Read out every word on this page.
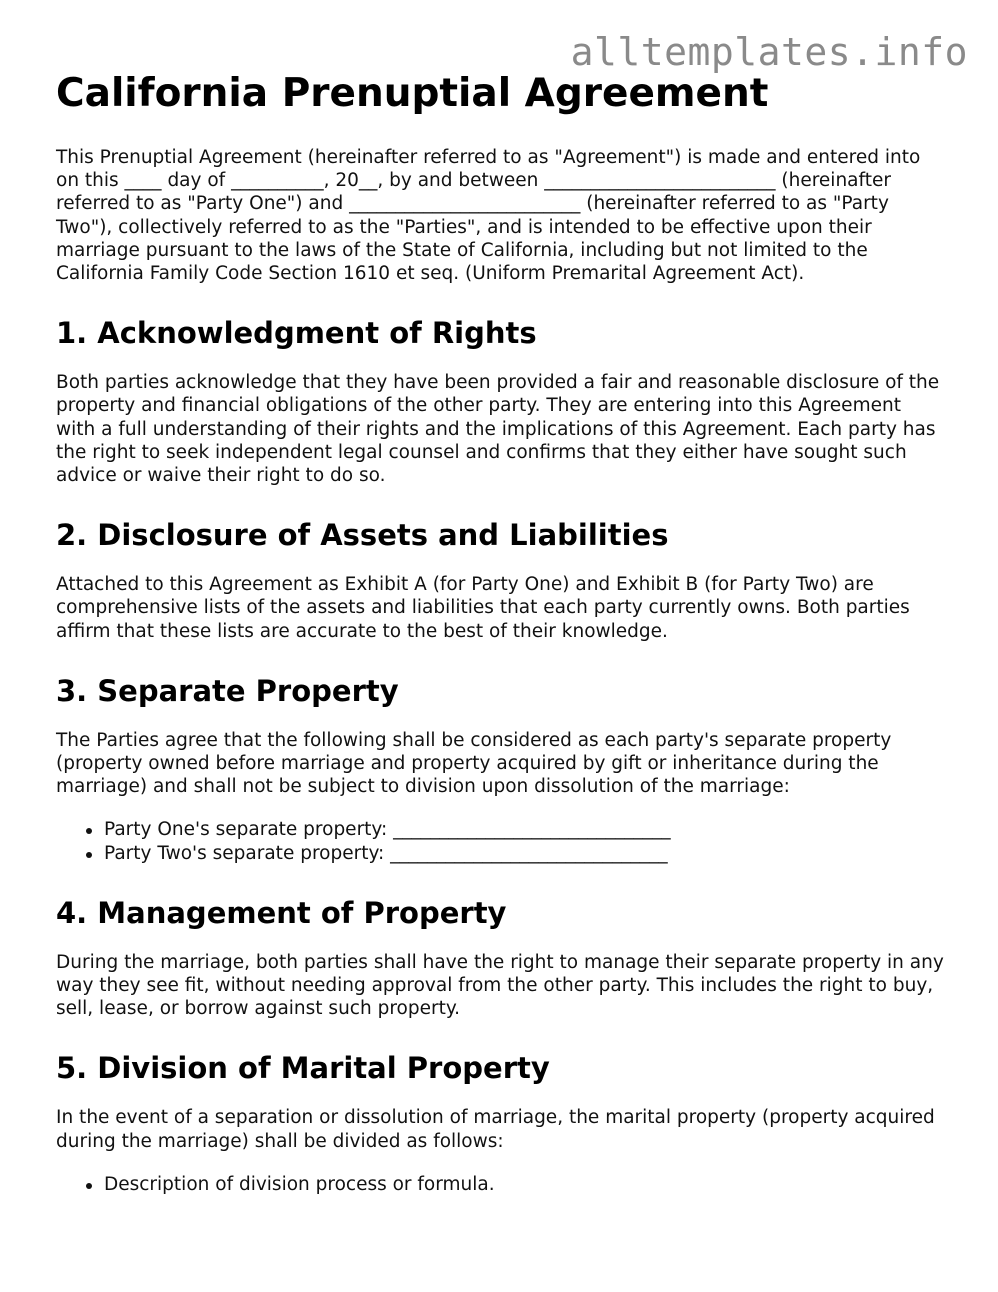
alltemplates.info
California Prenuptial Agreement

This Prenuptial Agreement (hereinafter referred to as "Agreement") is made and entered into on this ____ day of __________, 20__, by and between _________________________ (hereinafter referred to as "Party One") and _________________________ (hereinafter referred to as "Party Two"), collectively referred to as the "Parties", and is intended to be effective upon their marriage pursuant to the laws of the State of California, including but not limited to the California Family Code Section 1610 et seq. (Uniform Premarital Agreement Act).

1. Acknowledgment of Rights

Both parties acknowledge that they have been provided a fair and reasonable disclosure of the property and financial obligations of the other party. They are entering into this Agreement with a full understanding of their rights and the implications of this Agreement. Each party has the right to seek independent legal counsel and confirms that they either have sought such advice or waive their right to do so.

2. Disclosure of Assets and Liabilities

Attached to this Agreement as Exhibit A (for Party One) and Exhibit B (for Party Two) are comprehensive lists of the assets and liabilities that each party currently owns. Both parties affirm that these lists are accurate to the best of their knowledge.

3. Separate Property

The Parties agree that the following shall be considered as each party's separate property (property owned before marriage and property acquired by gift or inheritance during the marriage) and shall not be subject to division upon dissolution of the marriage:

Party One's separate property: ______________________________
Party Two's separate property: ______________________________
4. Management of Property

During the marriage, both parties shall have the right to manage their separate property in any way they see fit, without needing approval from the other party. This includes the right to buy, sell, lease, or borrow against such property.

5. Division of Marital Property

In the event of a separation or dissolution of marriage, the marital property (property acquired during the marriage) shall be divided as follows:

Description of division process or formula.
